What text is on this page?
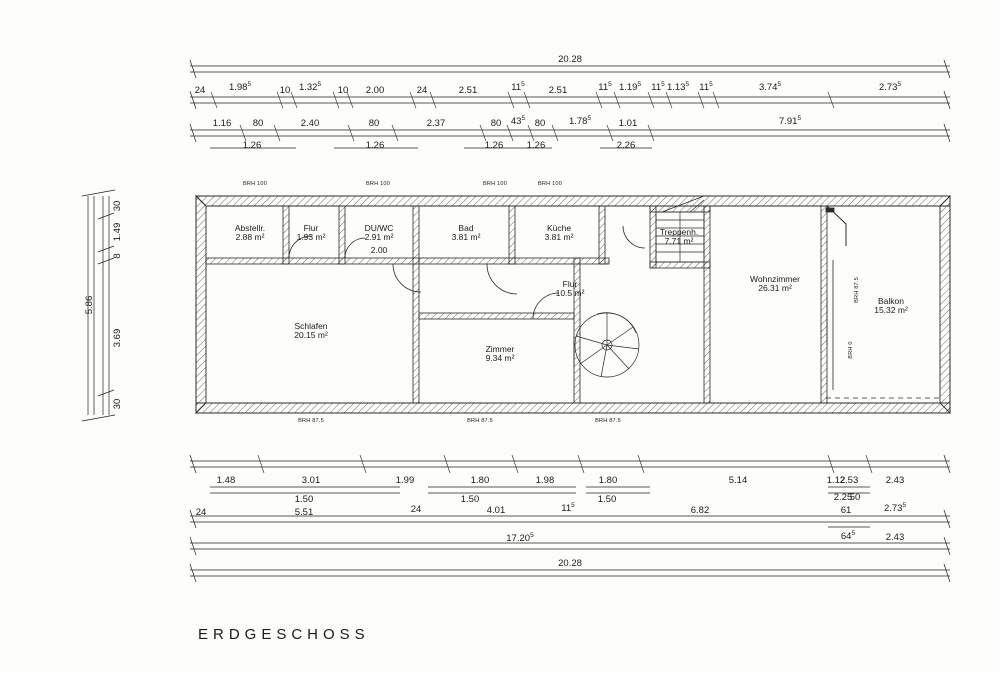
20.28
24 1.98$^5$
10 1.32$^5$
10 2.00	24	2.51	$11^5$
2.51	$11^5$ 1.19$^5$ $11^5$ 1.13$^5$ $11^5$	3.74$^5$	2.73$^5$
1.16 80	2.40	80	2.37	80 $43^5$ 80 1.78$^5$	1.01	7.91$^5$
1.26	1.26	1.26 1.26	2.26
1.48	3.01	1.99	1.80	1.98	1.80	5.14	1.12
2.53	2.43
24
1.50
5.51	24
1.50
4.01	$11^5$
1.50
6.82
2.25
50
61	2.73$^5$
17.20$^5$	$64^5$	2.43
20.28
30
1.49
8
3.69
30
5.86
Abstellr.
2.88 m²
Flur
1.93 m²
DU/WC
2.91 m²
2.00
Bad
3.81 m²
Küche
3.81 m²	Treppenh.
7.71 m²
Wohnzimmer
26.31 m²
Balkon
15.32 m²
Flur
10.5 m²
Schlafen
20.15 m²
Zimmer
9.34 m²
BRH 100	BRH 100	BRH 100	BRH 100
BRH 87.5	BRH 87.5	BRH 87.5
BRH 87.5
BRH 0
ERDGESCHOSS
